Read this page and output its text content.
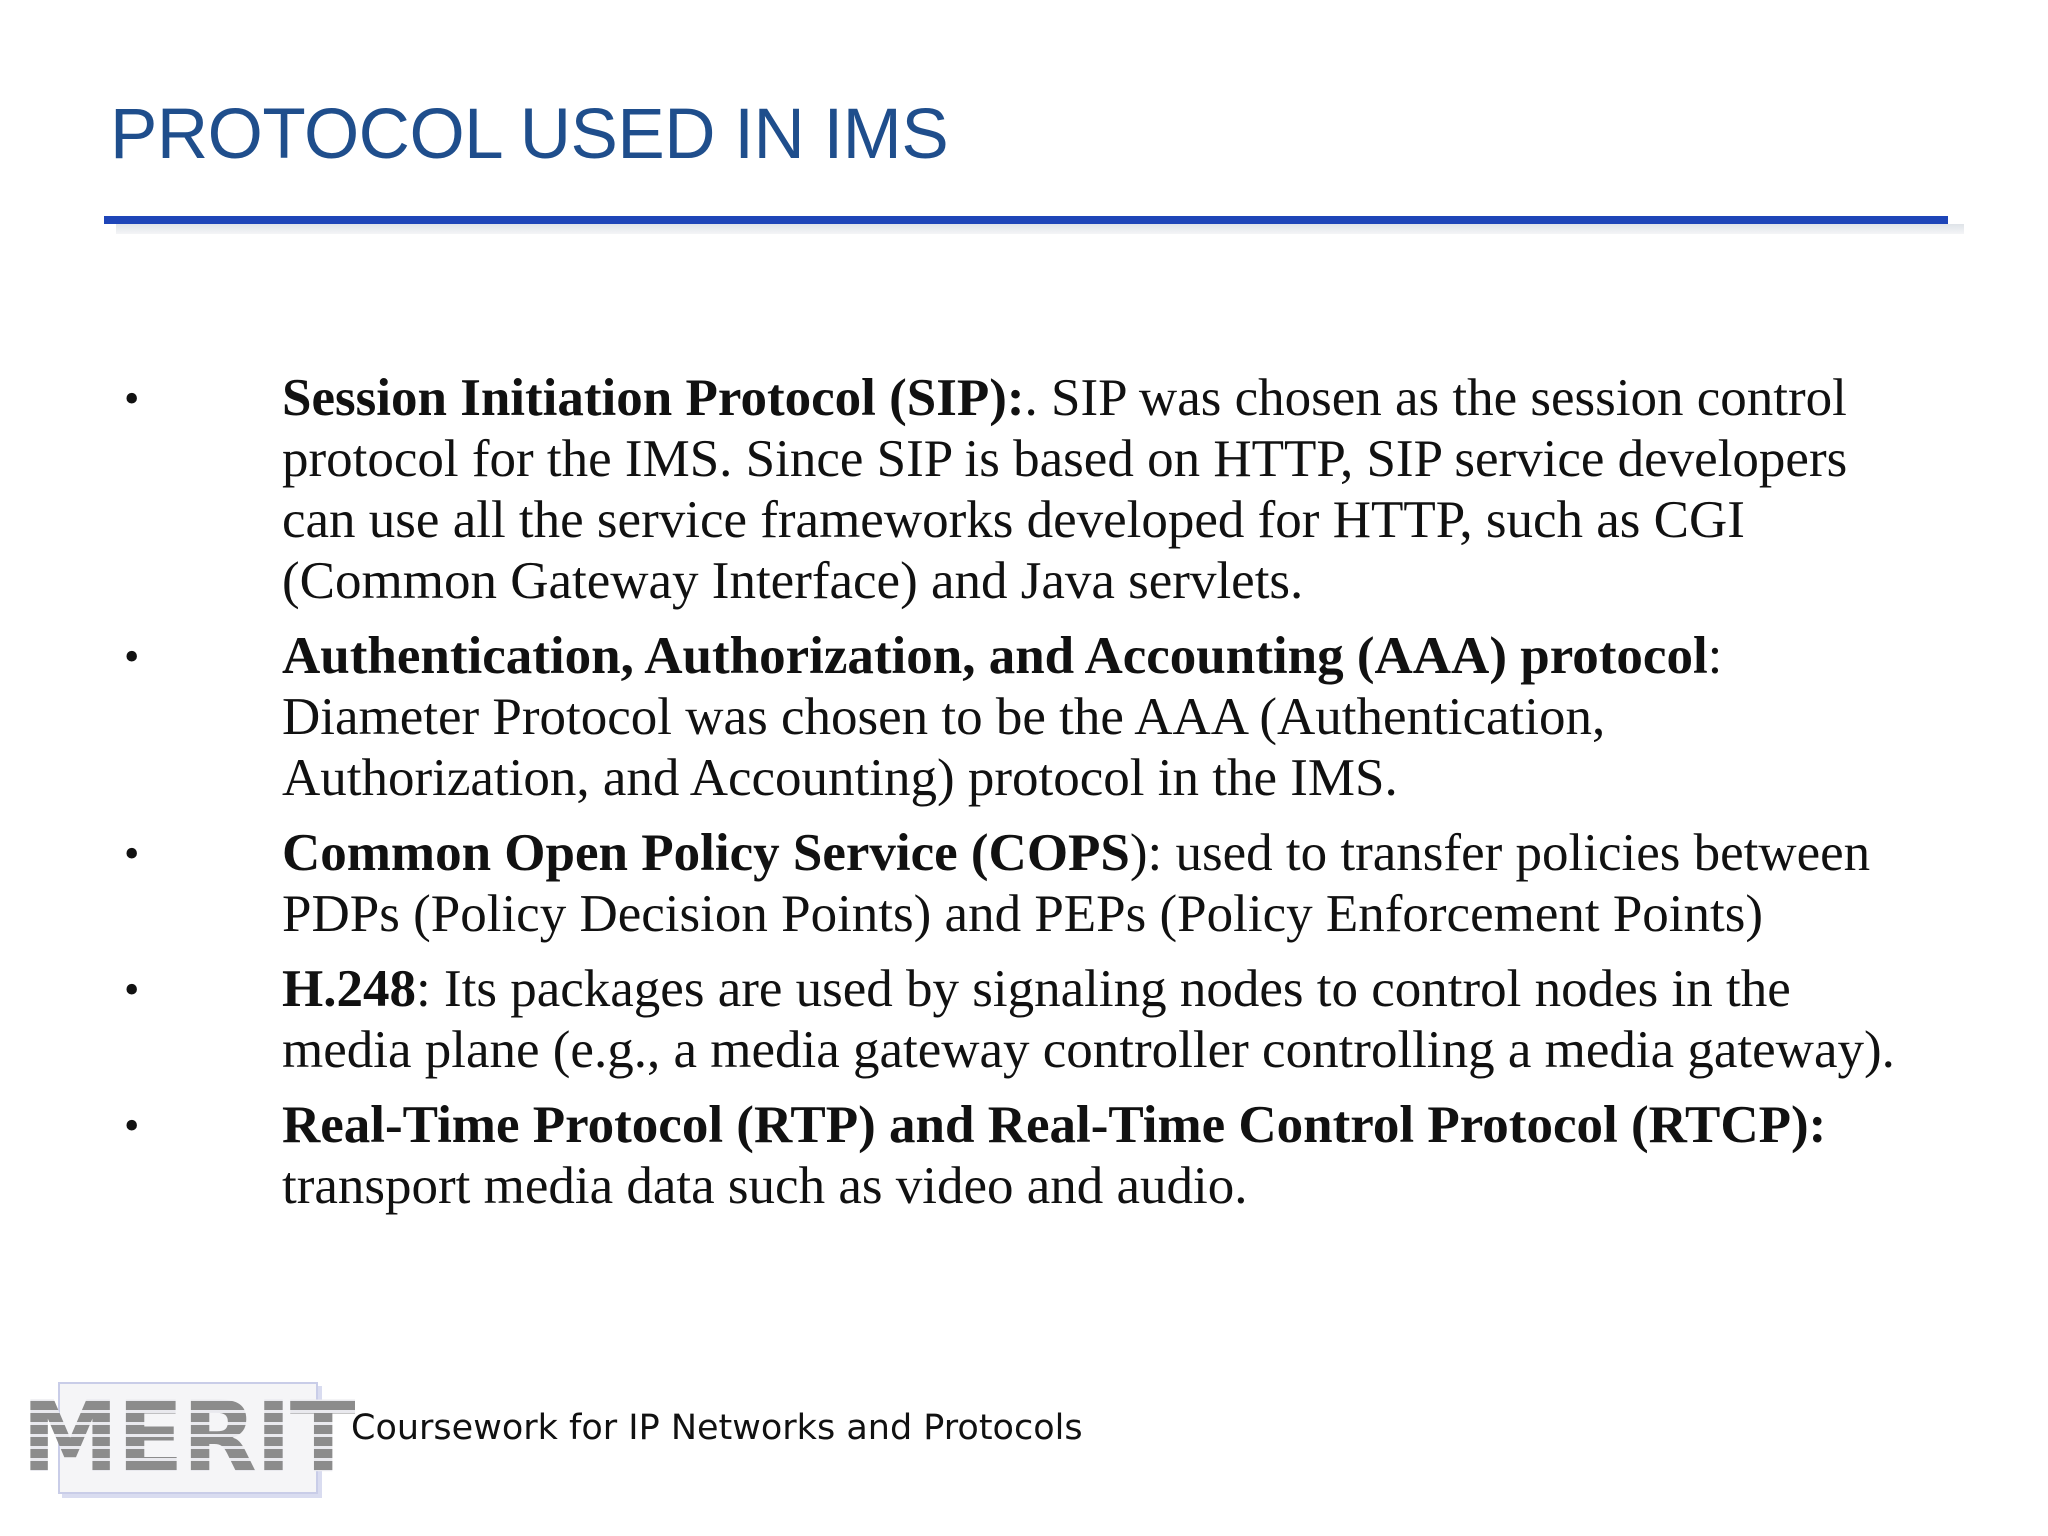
PROTOCOL USED IN IMS
•	Session Initiation Protocol (SIP):. SIP was chosen as the session control protocol for the IMS. Since SIP is based on HTTP, SIP service developers can use all the service frameworks developed for HTTP, such as CGI (Common Gateway Interface) and Java servlets.
•	Authentication, Authorization, and Accounting (AAA) protocol: Diameter Protocol was chosen to be the AAA (Authentication, Authorization, and Accounting) protocol in the IMS.
•	Common Open Policy Service (COPS): used to transfer policies between PDPs (Policy Decision Points) and PEPs (Policy Enforcement Points)
•	H.248: Its packages are used by signaling nodes to control nodes in the media plane (e.g., a media gateway controller controlling a media gateway).
•	Real-Time Protocol (RTP) and Real-Time Control Protocol (RTCP): transport media data such as video and audio.
MERIT
Coursework for IP Networks and Protocols
